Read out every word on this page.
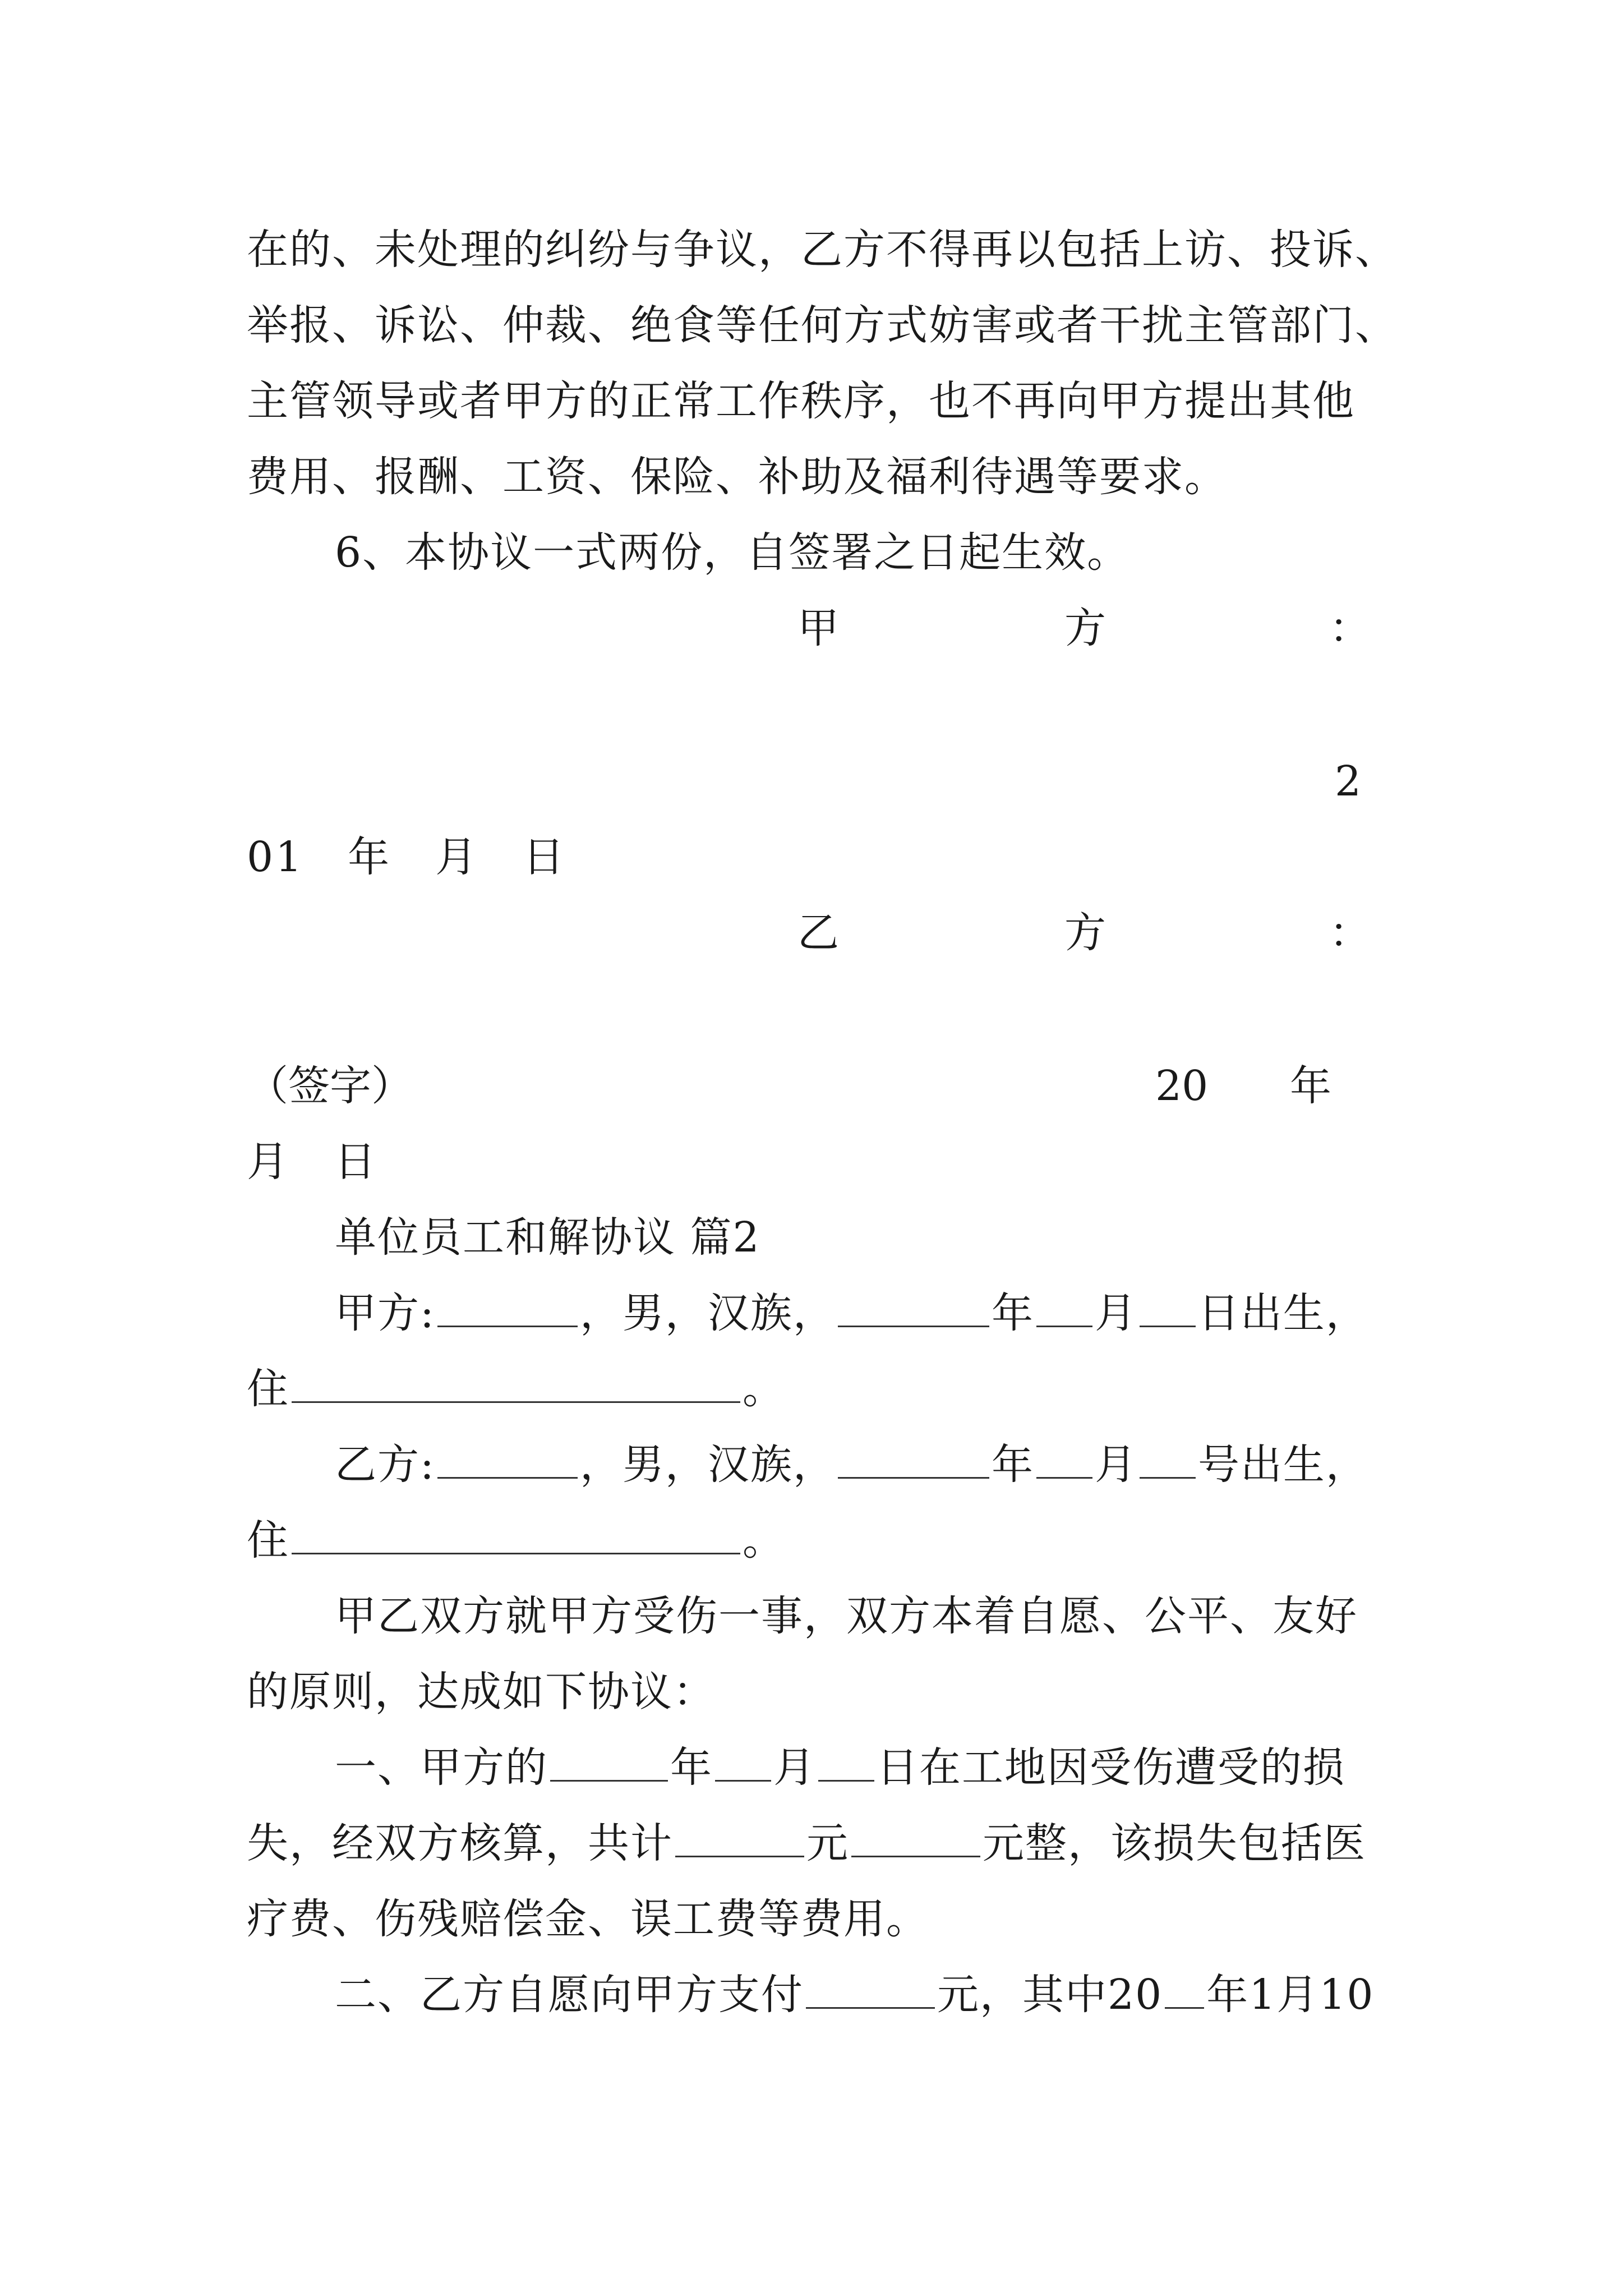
在的、未处理的纠纷与争议，乙方不得再以包括上访、投诉、
举报、诉讼、仲裁、绝食等任何方式妨害或者干扰主管部门、
主管领导或者甲方的正常工作秩序，也不再向甲方提出其他
费用、报酬、工资、保险、补助及福利待遇等要求。
6、本协议一式两份，自签署之日起生效。
甲	方	：
2
01　年　月　日
乙	方	：
（签字）	20 年
月　日
单位员工和解协议 篇2
甲方:	，男，汉族，	年 月 日出生，
住	。
乙方:	，男，汉族，	年 月 号出生，
住	。
甲乙双方就甲方受伤一事，双方本着自愿、公平、友好
的原则，达成如下协议：
一、甲方的	年 月 日在工地因受伤遭受的损
失，经双方核算，共计	元	元整，该损失包括医
疗费、伤残赔偿金、误工费等费用。
二、乙方自愿向甲方支付	元，其中20 年1月10
